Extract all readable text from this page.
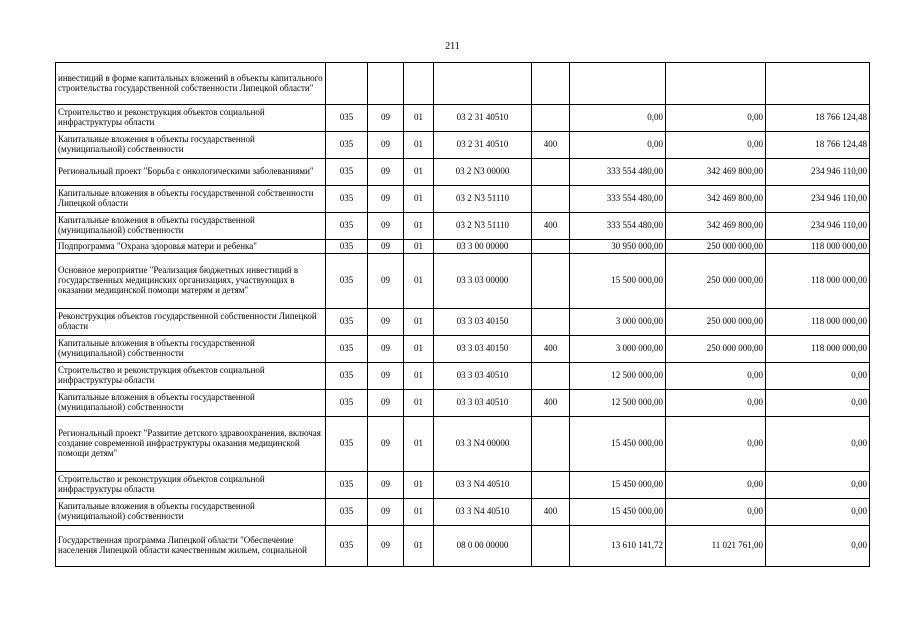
211
инвестиций в форме капитальных вложений в объекты капитального строительства государственной собственности Липецкой области"								
Строительство и реконструкция объектов социальной инфраструктуры области	035	09	01	03 2 31 40510		0,00	0,00	18 766 124,48
Капитальные вложения в объекты государственной (муниципальной) собственности	035	09	01	03 2 31 40510	400	0,00	0,00	18 766 124,48
Региональный проект "Борьба с онкологическими заболеваниями"	035	09	01	03 2 N3 00000		333 554 480,00	342 469 800,00	234 946 110,00
Капитальные вложения в объекты государственной собственности Липецкой области	035	09	01	03 2 N3 51110		333 554 480,00	342 469 800,00	234 946 110,00
Капитальные вложения в объекты государственной (муниципальной) собственности	035	09	01	03 2 N3 51110	400	333 554 480,00	342 469 800,00	234 946 110,00
Подпрограмма "Охрана здоровья матери и ребенка"	035	09	01	03 3 00 00000		30 950 000,00	250 000 000,00	118 000 000,00
Основное мероприятие "Реализация бюджетных инвестиций в государственных медицинских организациях, участвующих в оказании медицинской помощи матерям и детям"	035	09	01	03 3 03 00000		15 500 000,00	250 000 000,00	118 000 000,00
Реконструкция объектов государственной собственности Липецкой области	035	09	01	03 3 03 40150		3 000 000,00	250 000 000,00	118 000 000,00
Капитальные вложения в объекты государственной (муниципальной) собственности	035	09	01	03 3 03 40150	400	3 000 000,00	250 000 000,00	118 000 000,00
Строительство и реконструкция объектов социальной инфраструктуры области	035	09	01	03 3 03 40510		12 500 000,00	0,00	0,00
Капитальные вложения в объекты государственной (муниципальной) собственности	035	09	01	03 3 03 40510	400	12 500 000,00	0,00	0,00
Региональный проект "Развитие детского здравоохранения, включая создание современной инфраструктуры оказания медицинской помощи детям"	035	09	01	03 3 N4 00000		15 450 000,00	0,00	0,00
Строительство и реконструкция объектов социальной инфраструктуры области	035	09	01	03 3 N4 40510		15 450 000,00	0,00	0,00
Капитальные вложения в объекты государственной (муниципальной) собственности	035	09	01	03 3 N4 40510	400	15 450 000,00	0,00	0,00
Государственная программа Липецкой области "Обеспечение населения Липецкой области качественным жильем, социальной	035	09	01	08 0 00 00000		13 610 141,72	11 021 761,00	0,00
